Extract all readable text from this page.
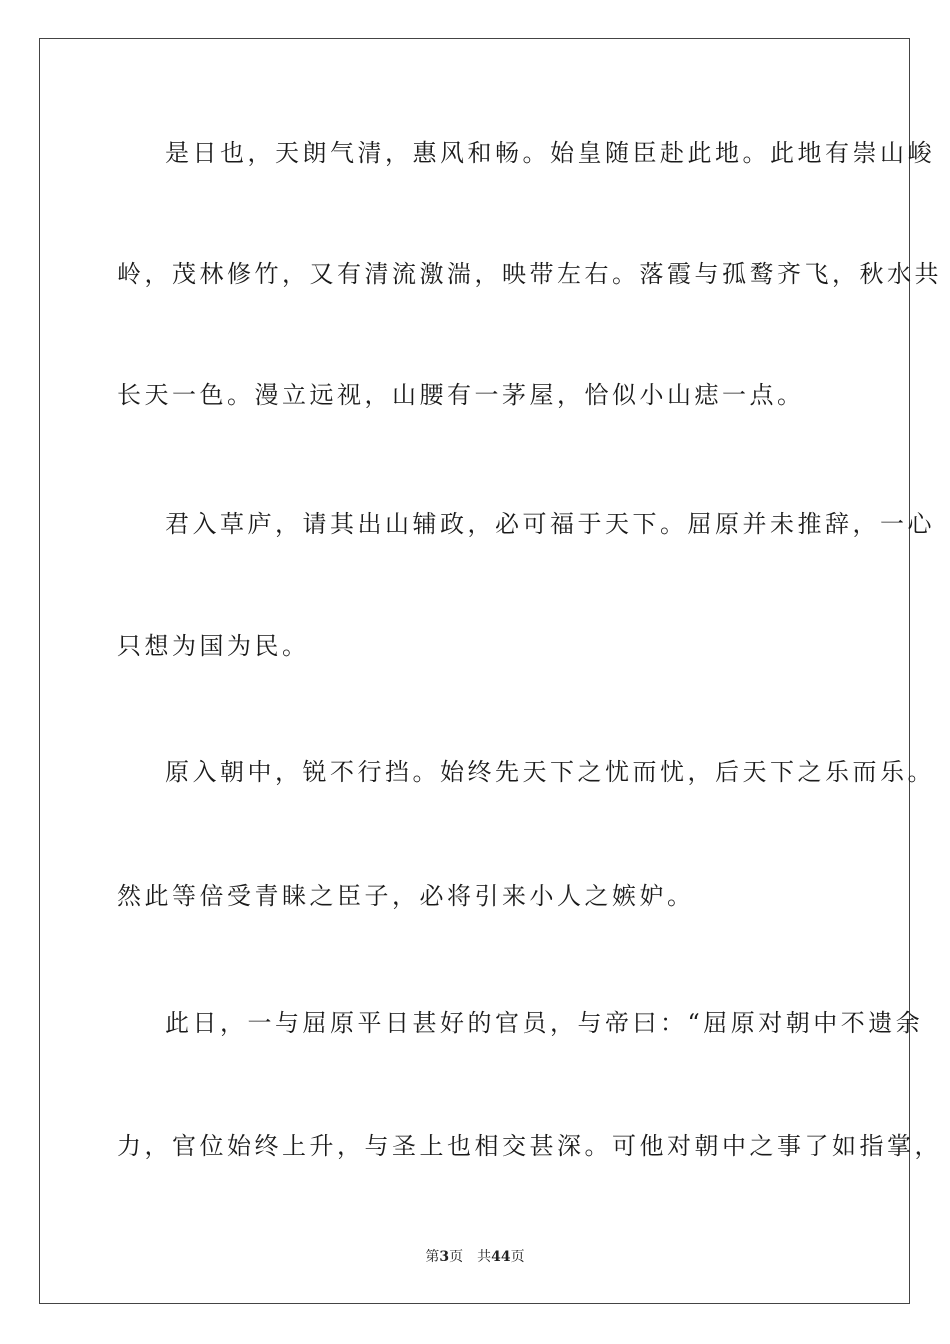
是日也，天朗气清，惠风和畅。始皇随臣赴此地。此地有崇山峻
岭，茂林修竹，又有清流激湍，映带左右。落霞与孤鹜齐飞，秋水共
长天一色。漫立远视，山腰有一茅屋，恰似小山痣一点。
君入草庐，请其出山辅政，必可福于天下。屈原并未推辞，一心
只想为国为民。
原入朝中，锐不行挡。始终先天下之忧而忧，后天下之乐而乐。
然此等倍受青睐之臣子，必将引来小人之嫉妒。
此日，一与屈原平日甚好的官员，与帝曰：“屈原对朝中不遗余
力，官位始终上升，与圣上也相交甚深。可他对朝中之事了如指掌，
第3页 共44页
